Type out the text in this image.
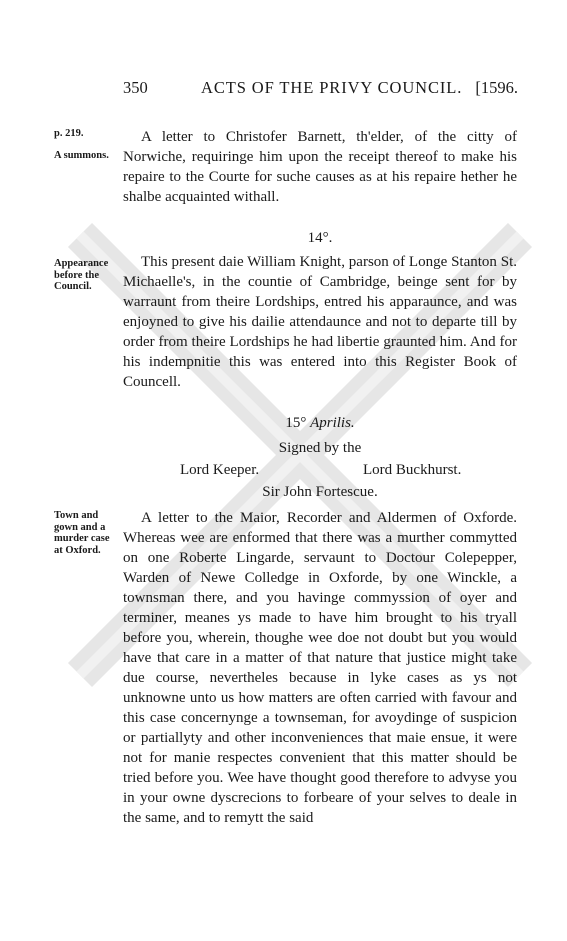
350	ACTS OF THE PRIVY COUNCIL. [1596.
p. 219.
A summons.
Appearance before the Council.
Town and gown and a murder case at Oxford.

A letter to Christofer Barnett, th'elder, of the citty of Norwiche, requiringe him upon the receipt thereof to make his repaire to the Courte for suche causes as at his repaire hether he shalbe acquainted withall.

14°.

This present daie William Knight, parson of Longe Stanton St. Michaelle's, in the countie of Cambridge, beinge sent for by warraunt from theire Lordships, entred his apparaunce, and was enjoyned to give his dailie attendaunce and not to departe till by order from theire Lordships he had libertie graunted him. And for his indempnitie this was entered into this Register Book of Councell.

15° Aprilis.
Signed by the
Lord Keeper.	Lord Buckhurst.
Sir John Fortescue.

A letter to the Maior, Recorder and Aldermen of Oxforde. Whereas wee are enformed that there was a murther commytted on one Roberte Lingarde, servaunt to Doctour Colepepper, Warden of Newe Colledge in Oxforde, by one Winckle, a townsman there, and you havinge commyssion of oyer and terminer, meanes ys made to have him brought to his tryall before you, wherein, thoughe wee doe not doubt but you would have that care in a matter of that nature that justice might take due course, nevertheles because in lyke cases as ys not unknowne unto us how matters are often carried with favour and this case concernynge a townseman, for avoydinge of suspicion or partiallyty and other inconveniences that maie ensue, it were not for manie respectes convenient that this matter should be tried before you. Wee have thought good therefore to advyse you in your owne dyscrecions to forbeare of your selves to deale in the same, and to remytt the said
